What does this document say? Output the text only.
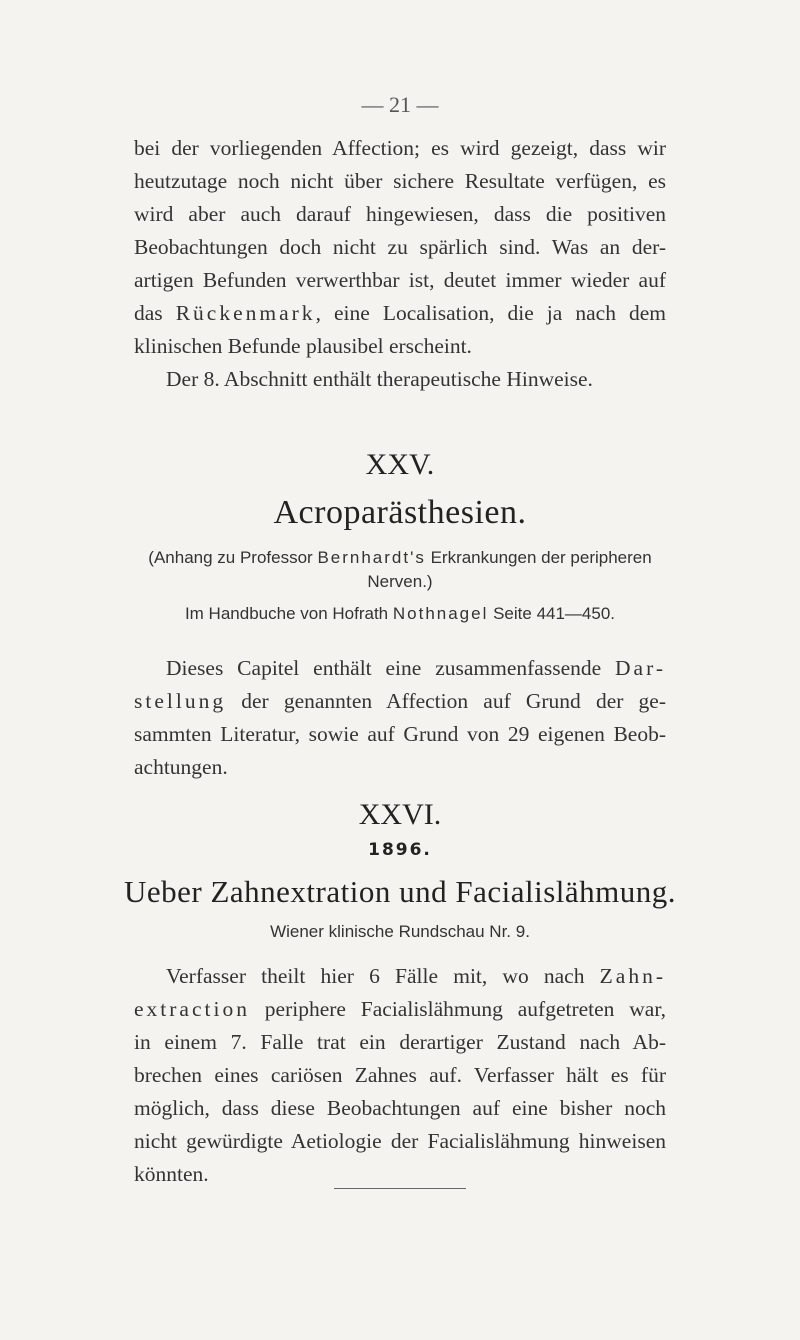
— 21 —

bei der vorliegenden Affection; es wird gezeigt, dass wir
heutzutage noch nicht über sichere Resultate verfügen, es
wird aber auch darauf hingewiesen, dass die positiven
Beobachtungen doch nicht zu spärlich sind. Was an der-
artigen Befunden verwerthbar ist, deutet immer wieder auf
das Rückenmark, eine Localisation, die ja nach dem
klinischen Befunde plausibel erscheint.
Der 8. Abschnitt enthält therapeutische Hinweise.

XXV.

Acroparästhesien.

(Anhang zu Professor Bernhardt's Erkrankungen der peripheren
Nerven.)

Im Handbuche von Hofrath Nothnagel Seite 441—450.

Dieses Capitel enthält eine zusammenfassende Dar-
stellung der genannten Affection auf Grund der ge-
sammten Literatur, sowie auf Grund von 29 eigenen Beob-
achtungen.

XXVI.

1896.

Ueber Zahnextration und Facialislähmung.

Wiener klinische Rundschau Nr. 9.

Verfasser theilt hier 6 Fälle mit, wo nach Zahn-
extraction periphere Facialislähmung aufgetreten war,
in einem 7. Falle trat ein derartiger Zustand nach Ab-
brechen eines cariösen Zahnes auf. Verfasser hält es für
möglich, dass diese Beobachtungen auf eine bisher noch
nicht gewürdigte Aetiologie der Facialislähmung hinweisen
könnten.
